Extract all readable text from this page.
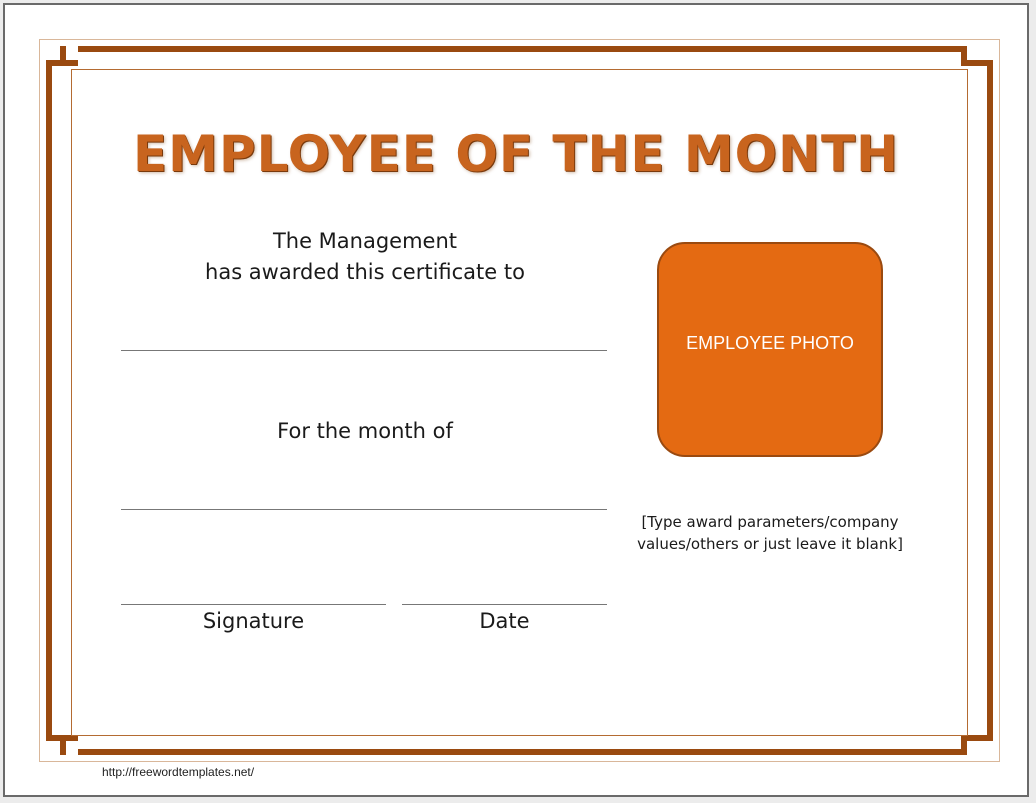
EMPLOYEE OF THE MONTH
The Management
has awarded this certificate to
For the month of
Signature	Date
EMPLOYEE PHOTO
[Type award parameters/company
values/others or just leave it blank]
http://freewordtemplates.net/
